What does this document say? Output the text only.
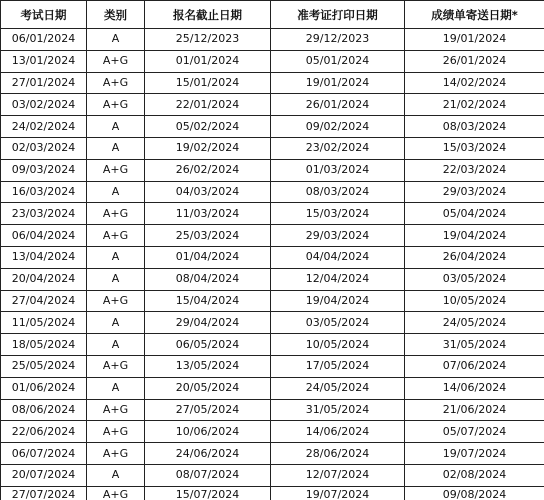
考试日期	类别	报名截止日期	准考证打印日期	成绩单寄送日期*
06/01/2024	A	25/12/2023	29/12/2023	19/01/2024
13/01/2024	A+G	01/01/2024	05/01/2024	26/01/2024
27/01/2024	A+G	15/01/2024	19/01/2024	14/02/2024
03/02/2024	A+G	22/01/2024	26/01/2024	21/02/2024
24/02/2024	A	05/02/2024	09/02/2024	08/03/2024
02/03/2024	A	19/02/2024	23/02/2024	15/03/2024
09/03/2024	A+G	26/02/2024	01/03/2024	22/03/2024
16/03/2024	A	04/03/2024	08/03/2024	29/03/2024
23/03/2024	A+G	11/03/2024	15/03/2024	05/04/2024
06/04/2024	A+G	25/03/2024	29/03/2024	19/04/2024
13/04/2024	A	01/04/2024	04/04/2024	26/04/2024
20/04/2024	A	08/04/2024	12/04/2024	03/05/2024
27/04/2024	A+G	15/04/2024	19/04/2024	10/05/2024
11/05/2024	A	29/04/2024	03/05/2024	24/05/2024
18/05/2024	A	06/05/2024	10/05/2024	31/05/2024
25/05/2024	A+G	13/05/2024	17/05/2024	07/06/2024
01/06/2024	A	20/05/2024	24/05/2024	14/06/2024
08/06/2024	A+G	27/05/2024	31/05/2024	21/06/2024
22/06/2024	A+G	10/06/2024	14/06/2024	05/07/2024
06/07/2024	A+G	24/06/2024	28/06/2024	19/07/2024
20/07/2024	A	08/07/2024	12/07/2024	02/08/2024
27/07/2024	A+G	15/07/2024	19/07/2024	09/08/2024
